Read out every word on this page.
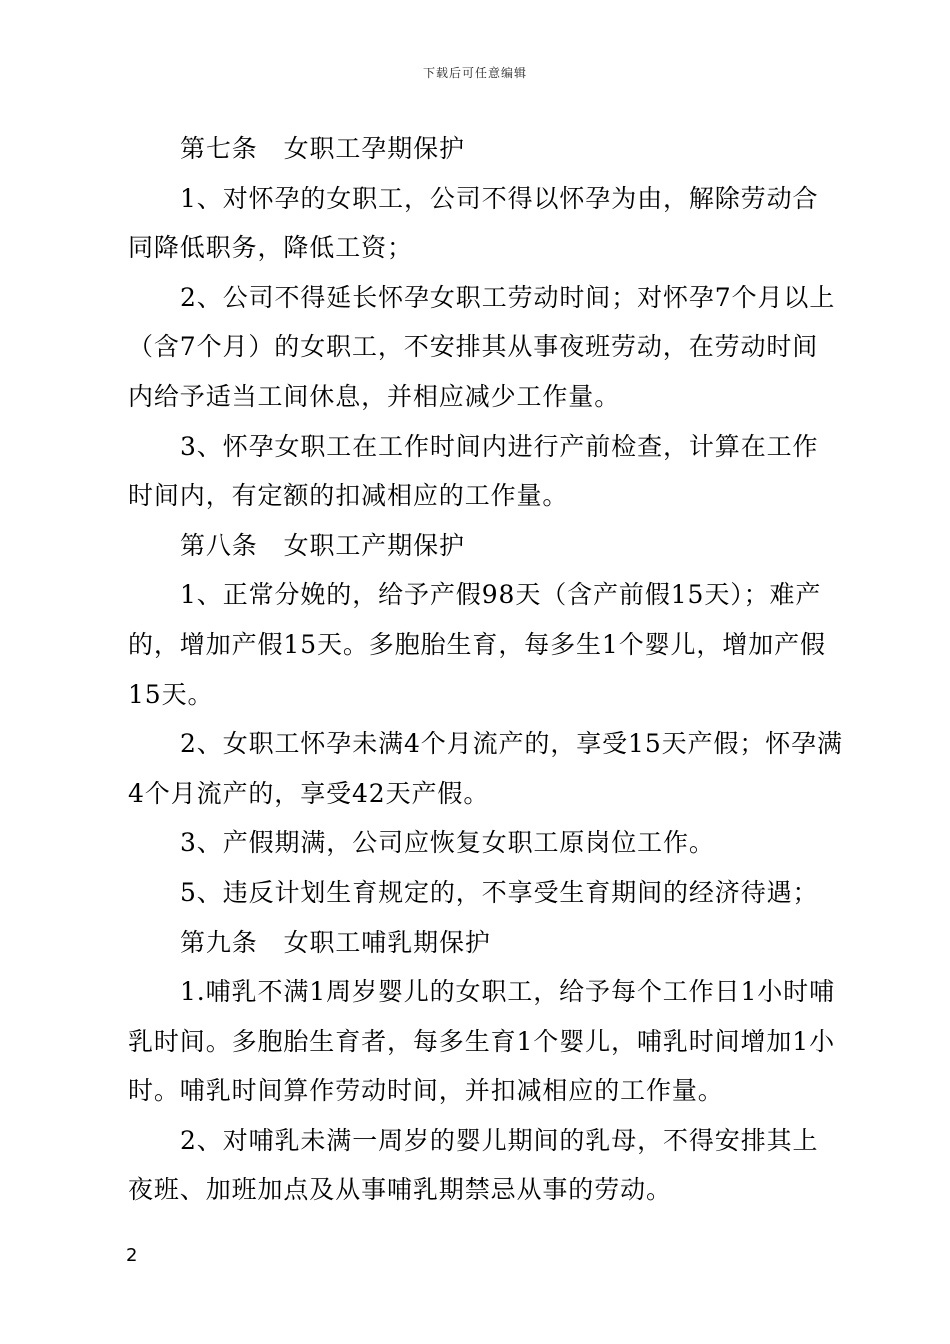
下载后可任意编辑
第七条　女职工孕期保护
1、对怀孕的女职工，公司不得以怀孕为由，解除劳动合
同降低职务，降低工资；
2、公司不得延长怀孕女职工劳动时间；对怀孕7个月以上
（含7个月）的女职工，不安排其从事夜班劳动，在劳动时间
内给予适当工间休息，并相应减少工作量。
3、怀孕女职工在工作时间内进行产前检查，计算在工作
时间内，有定额的扣减相应的工作量。
第八条　女职工产期保护
1、正常分娩的，给予产假98天（含产前假15天）；难产
的，增加产假15天。多胞胎生育，每多生1个婴儿，增加产假
15天。
2、女职工怀孕未满4个月流产的，享受15天产假；怀孕满
4个月流产的，享受42天产假。
3、产假期满，公司应恢复女职工原岗位工作。
5、违反计划生育规定的，不享受生育期间的经济待遇；
第九条　女职工哺乳期保护
1.哺乳不满1周岁婴儿的女职工，给予每个工作日1小时哺
乳时间。多胞胎生育者，每多生育1个婴儿，哺乳时间增加1小
时。哺乳时间算作劳动时间，并扣减相应的工作量。
2、对哺乳未满一周岁的婴儿期间的乳母，不得安排其上
夜班、加班加点及从事哺乳期禁忌从事的劳动。
2
